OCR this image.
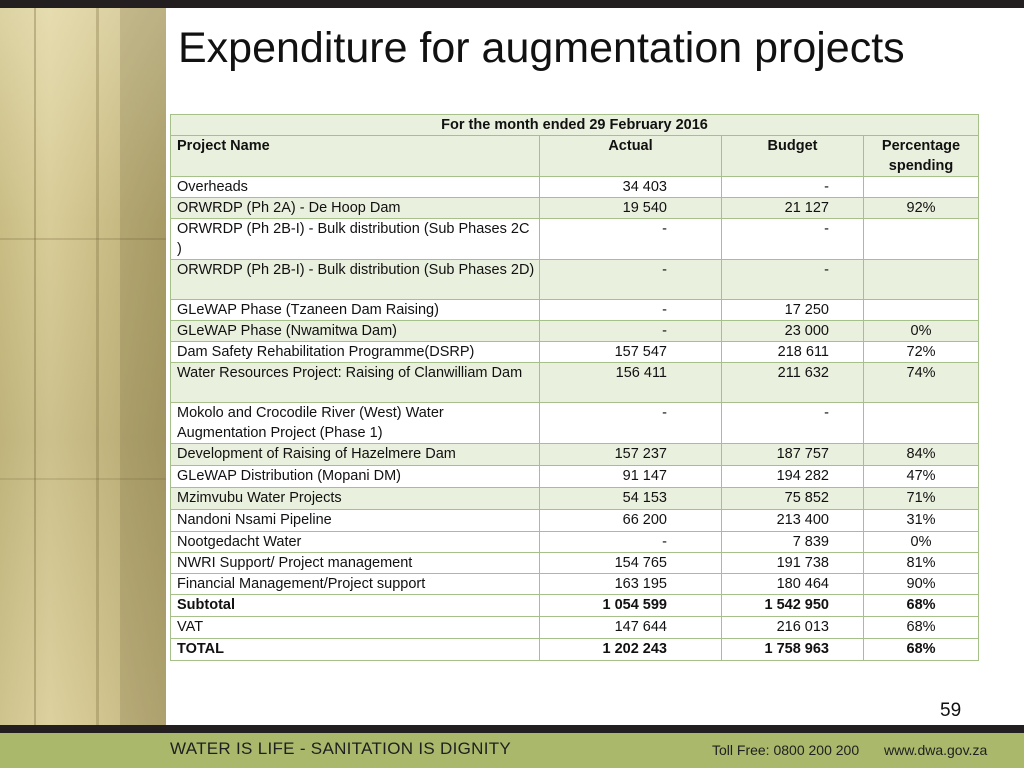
Expenditure for augmentation projects
For the month ended 29 February 2016			
Project Name	Actual	Budget	Percentage spending
Overheads	34 403	-	
ORWRDP (Ph 2A) - De Hoop Dam	19 540	21 127	92%
ORWRDP (Ph 2B-I) - Bulk distribution (Sub Phases 2C )	-	-	
ORWRDP (Ph 2B-I) - Bulk distribution (Sub Phases 2D)	-	-	
GLeWAP Phase (Tzaneen Dam Raising)	-	17 250	
GLeWAP Phase (Nwamitwa Dam)	-	23 000	0%
Dam Safety Rehabilitation Programme(DSRP)	157 547	218 611	72%
Water Resources Project: Raising of Clanwilliam Dam	156 411	211 632	74%
Mokolo and Crocodile River (West) Water Augmentation Project (Phase 1)	-	-	
Development of Raising of Hazelmere Dam	157 237	187 757	84%
GLeWAP Distribution (Mopani DM)	91 147	194 282	47%
Mzimvubu Water Projects	54 153	75 852	71%
Nandoni Nsami Pipeline	66 200	213 400	31%
Nootgedacht Water	-	7 839	0%
NWRI Support/ Project management	154 765	191 738	81%
Financial Management/Project support	163 195	180 464	90%
Subtotal	1 054 599	1 542 950	68%
VAT	147 644	216 013	68%
TOTAL	1 202 243	1 758 963	68%
59
WATER IS LIFE - SANITATION IS DIGNITY	Toll Free: 0800 200 200 www.dwa.gov.za
